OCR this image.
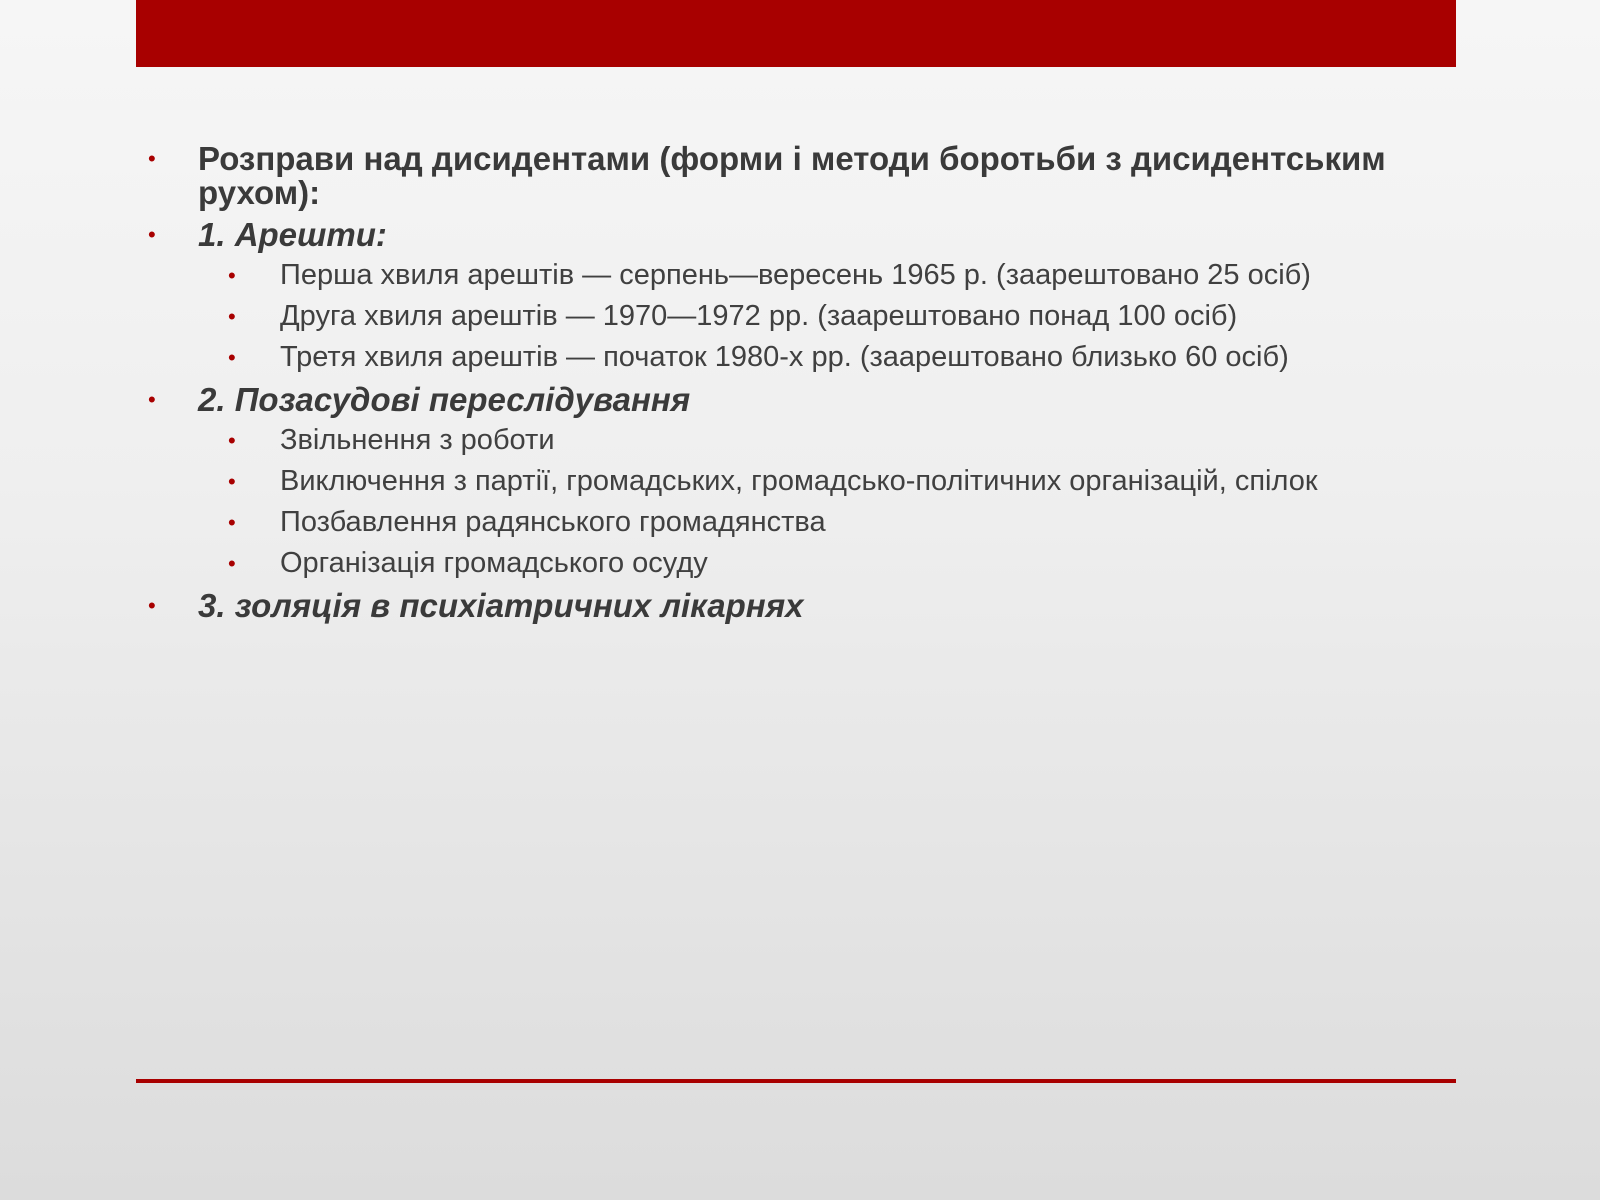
•	Розправи над дисидентами (форми і методи боротьби з дисидентським рухом):
•	1. Арешти:
•	Перша хвиля арештів — серпень—вересень 1965 р. (заарештовано 25 осіб)
•	Друга хвиля арештів — 1970—1972 рр. (заарештовано понад 100 осіб)
•	Третя хвиля арештів — початок 1980-х рр. (заарештовано близько 60 осіб)
•	2. Позасудові переслідування
•	Звільнення з роботи
•	Виключення з партії, громадських, громадсько-політичних організацій, спілок
•	Позбавлення радянського громадянства
•	Організація громадського осуду
•	3. золяція в психіатричних лікарнях
